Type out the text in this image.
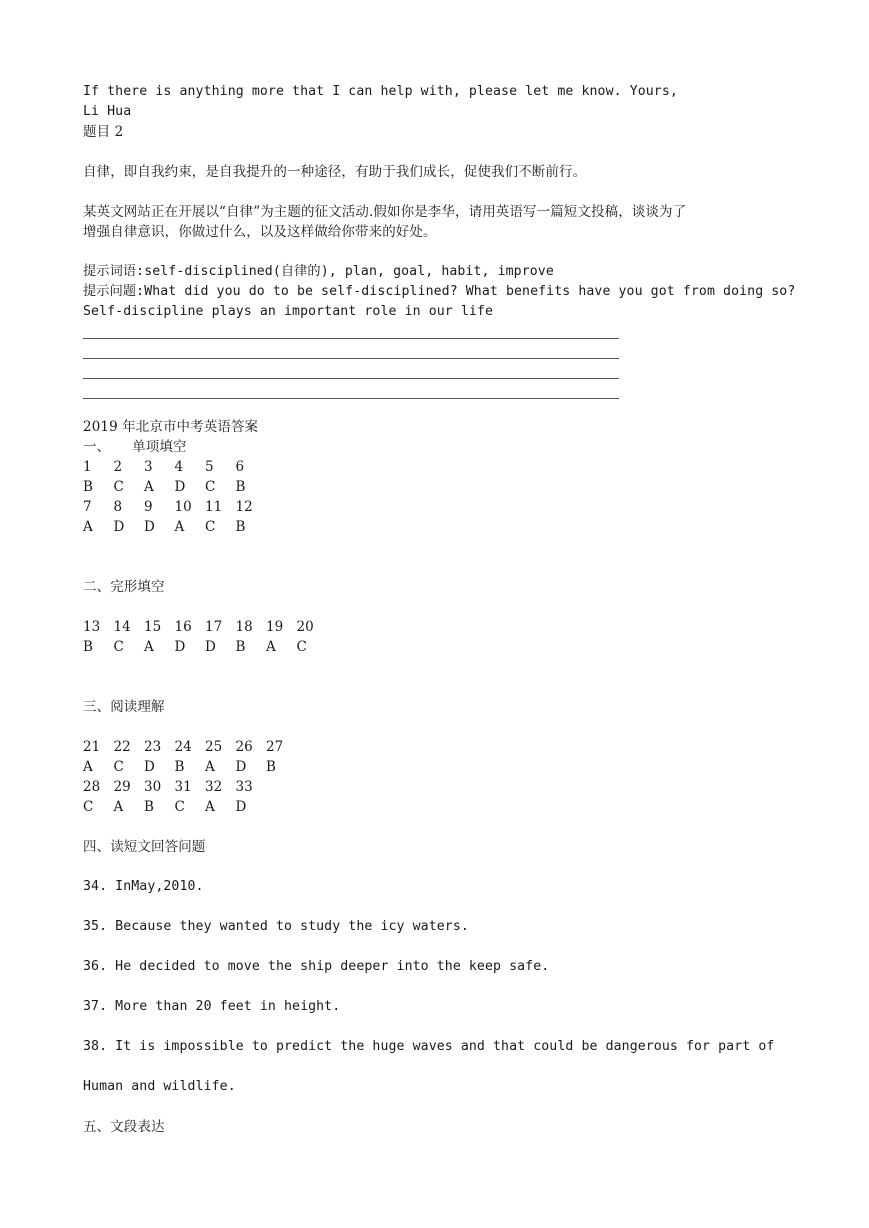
If there is anything more that I can help with, please let me know. Yours,
Li Hua
题目 2
自律，即自我约束，是自我提升的一种途径，有助于我们成长，促使我们不断前行。
某英文网站正在开展以“自律”为主题的征文活动.假如你是李华，请用英语写一篇短文投稿，谈谈为了
增强自律意识，你做过什么，以及这样做给你带来的好处。
提示词语:self-disciplined(自律的), plan, goal, habit, improve
提示问题:What did you do to be self-disciplined? What benefits have you got from doing so?
Self-discipline plays an important role in our life
2019 年北京市中考英语答案
一、     单项填空
1	2	3	4	5	6
B	C	A	D	C	B
7	8	9	10 11 12
A	D	D	A	C	B
二、完形填空
13 14 15 16 17 18 19 20
B	C	A	D	D	B	A	C
三、阅读理解
21 22 23 24 25 26 27
A	C	D	B	A	D	B
28 29 30 31 32 33
C	A	B	C	A	D
四、读短文回答问题
34. InMay,2010.
35. Because they wanted to study the icy waters.
36. He decided to move the ship deeper into the keep safe.
37. More than 20 feet in height.
38. It is impossible to predict the huge waves and that could be dangerous for part of
Human and wildlife.
五、文段表达
